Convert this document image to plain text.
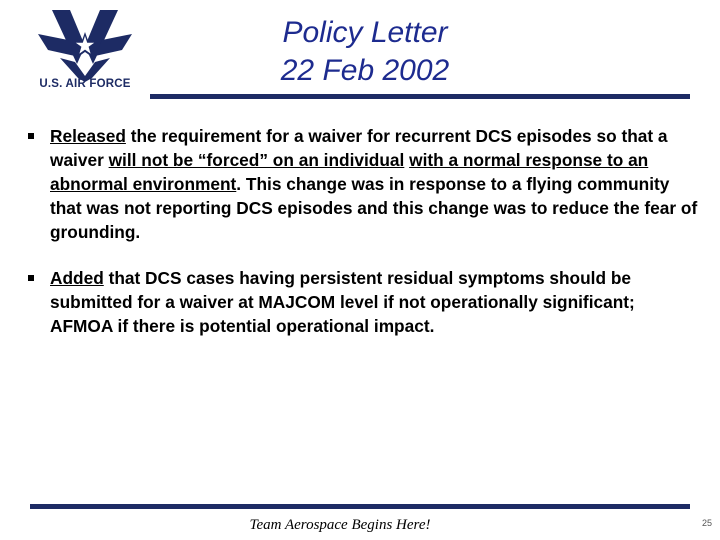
U.S. AIR FORCE
Policy Letter
22 Feb 2002
Released the requirement for a waiver for recurrent DCS episodes so that a waiver will not be “forced” on an individual with a normal response to an abnormal environment. This change was in response to a flying community that was not reporting DCS episodes and this change was to reduce the fear of grounding.
Added that DCS cases having persistent residual symptoms should be submitted for a waiver at MAJCOM level if not operationally significant; AFMOA if there is potential operational impact.
Team Aerospace Begins Here!	25
